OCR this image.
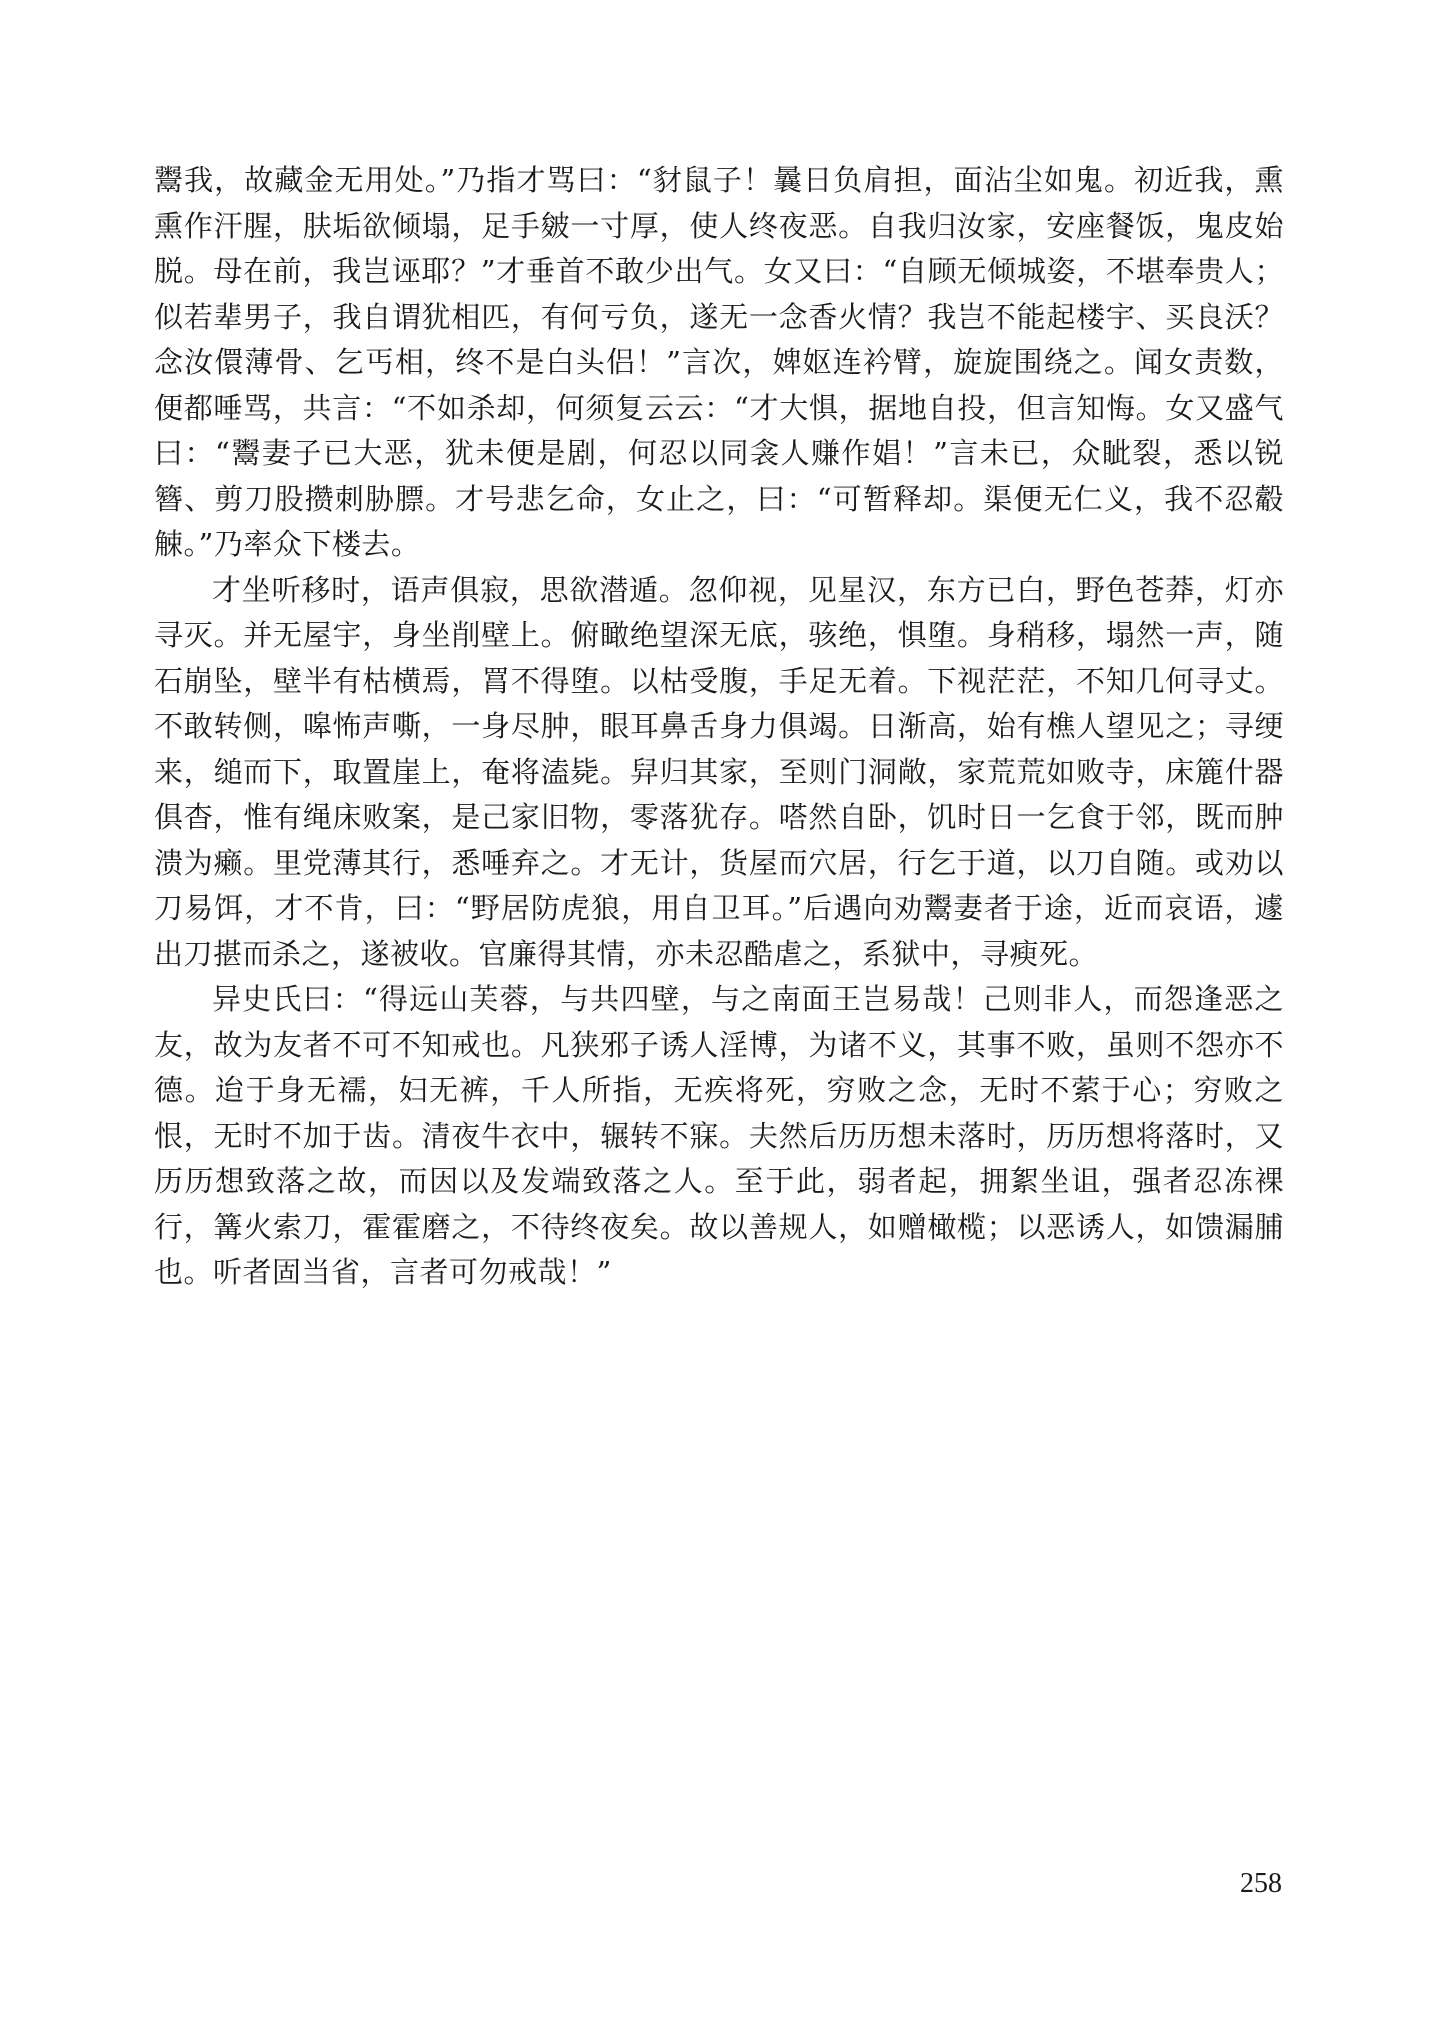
鬻我，故藏金无用处。”乃指才骂曰：“豺鼠子！曩日负肩担，面沾尘如鬼。初近我，熏熏作汗腥，肤垢欲倾塌，足手皴一寸厚，使人终夜恶。自我归汝家，安座餐饭，鬼皮始脱。母在前，我岂诬耶？”才垂首不敢少出气。女又曰：“自顾无倾城姿，不堪奉贵人；似若辈男子，我自谓犹相匹，有何亏负，遂无一念香火情？我岂不能起楼宇、买良沃？念汝儇薄骨、乞丐相，终不是白头侣！”言次，婢妪连衿臂，旋旋围绕之。闻女责数，便都唾骂，共言：“不如杀却，何须复云云：“才大惧，据地自投，但言知悔。女又盛气曰：“鬻妻子已大恶，犹未便是剧，何忍以同衾人赚作娼！”言未已，众眦裂，悉以锐簪、剪刀股攒刺胁膘。才号悲乞命，女止之，曰：“可暂释却。渠便无仁义，我不忍觳觫。”乃率众下楼去。

才坐听移时，语声俱寂，思欲潜遁。忽仰视，见星汉，东方已白，野色苍莽，灯亦寻灭。并无屋宇，身坐削壁上。俯瞰绝望深无底，骇绝，惧堕。身稍移，塌然一声，随石崩坠，壁半有枯横焉，罥不得堕。以枯受腹，手足无着。下视茫茫，不知几何寻丈。不敢转侧，嗥怖声嘶，一身尽肿，眼耳鼻舌身力俱竭。日渐高，始有樵人望见之；寻绠来，缒而下，取置崖上，奄将溘毙。舁归其家，至则门洞敞，家荒荒如败寺，床簏什器俱杳，惟有绳床败案，是己家旧物，零落犹存。嗒然自卧，饥时日一乞食于邻，既而肿溃为癞。里党薄其行，悉唾弃之。才无计，货屋而穴居，行乞于道，以刀自随。或劝以刀易饵，才不肯，曰：“野居防虎狼，用自卫耳。”后遇向劝鬻妻者于途，近而哀语，遽出刀揕而杀之，遂被收。官廉得其情，亦未忍酷虐之，系狱中，寻瘐死。

异史氏曰：“得远山芙蓉，与共四壁，与之南面王岂易哉！己则非人，而怨逢恶之友，故为友者不可不知戒也。凡狭邪子诱人淫博，为诸不义，其事不败，虽则不怨亦不德。迨于身无襦，妇无裤，千人所指，无疾将死，穷败之念，无时不萦于心；穷败之恨，无时不加于齿。清夜牛衣中，辗转不寐。夫然后历历想未落时，历历想将落时，又历历想致落之故，而因以及发端致落之人。至于此，弱者起，拥絮坐诅，强者忍冻裸行，篝火索刀，霍霍磨之，不待终夜矣。故以善规人，如赠橄榄；以恶诱人，如馈漏脯也。听者固当省，言者可勿戒哉！”

258
